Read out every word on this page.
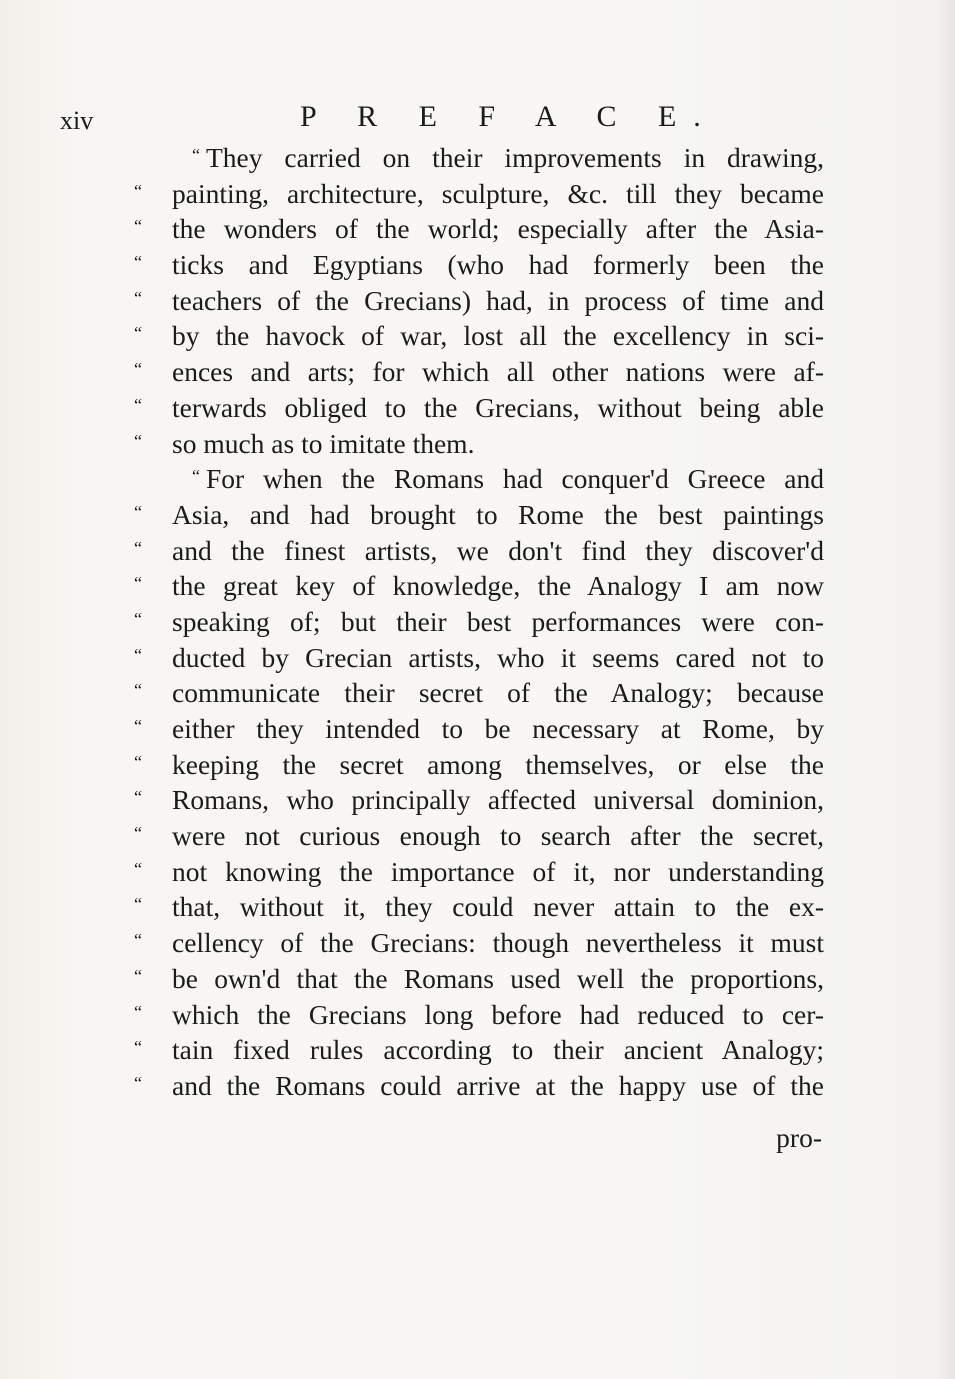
xiv	P R E F A C E.
“ They carried on their improvements in drawing,
“	painting, architecture, sculpture, &c. till they became
“	the wonders of the world; especially after the Asia-
“	ticks and Egyptians (who had formerly been the
“	teachers of the Grecians) had, in process of time and
“	by the havock of war, lost all the excellency in sci-
“	ences and arts; for which all other nations were af-
“	terwards obliged to the Grecians, without being able
“	so much as to imitate them.
“ For when the Romans had conquer'd Greece and
“	Asia, and had brought to Rome the best paintings
“	and the finest artists, we don't find they discover'd
“	the great key of knowledge, the Analogy I am now
“	speaking of; but their best performances were con-
“	ducted by Grecian artists, who it seems cared not to
“	communicate their secret of the Analogy; because
“	either they intended to be necessary at Rome, by
“	keeping the secret among themselves, or else the
“	Romans, who principally affected universal dominion,
“	were not curious enough to search after the secret,
“	not knowing the importance of it, nor understanding
“	that, without it, they could never attain to the ex-
“	cellency of the Grecians: though nevertheless it must
“	be own'd that the Romans used well the proportions,
“	which the Grecians long before had reduced to cer-
“	tain fixed rules according to their ancient Analogy;
“	and the Romans could arrive at the happy use of the
pro-
